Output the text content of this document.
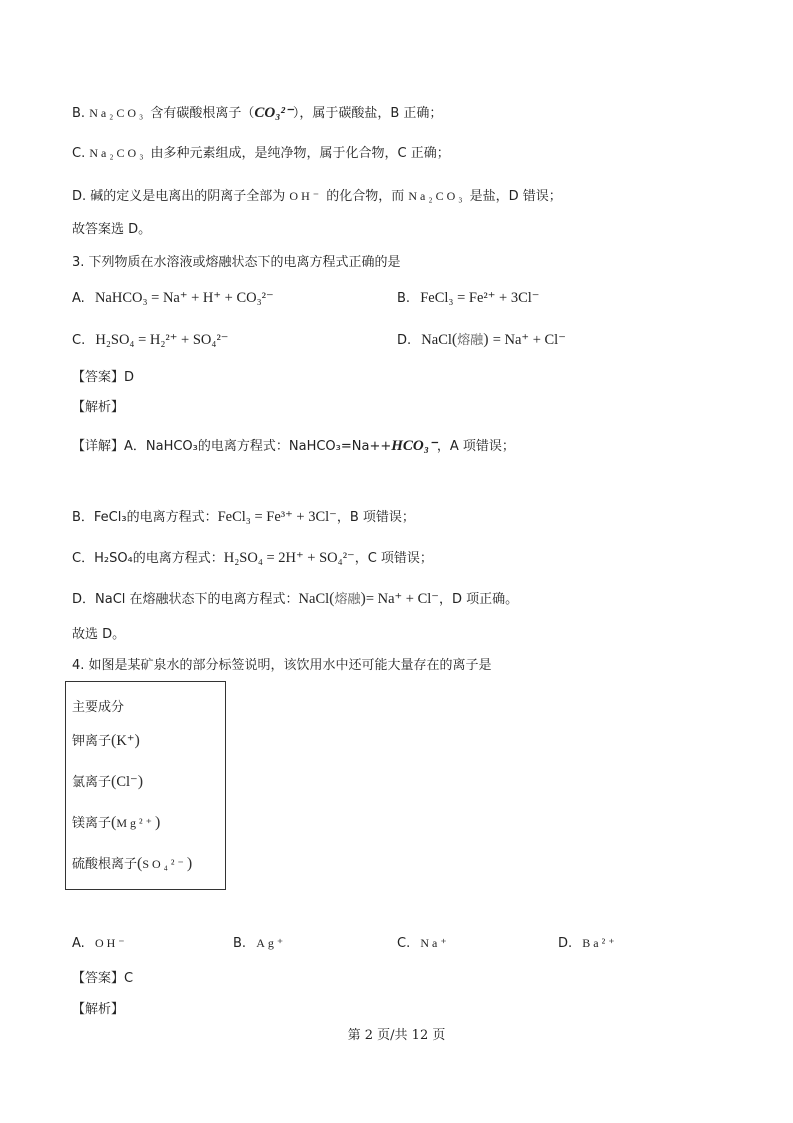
B. Na₂CO₃ 含有碳酸根离子（CO₃²⁻），属于碳酸盐，B 正确；
C. Na₂CO₃ 由多种元素组成，是纯净物，属于化合物，C 正确；
D. 碱的定义是电离出的阴离子全部为 OH⁻ 的化合物，而 Na₂CO₃ 是盐，D 错误；
故答案选 D。
3. 下列物质在水溶液或熔融状态下的电离方程式正确的是
A. NaHCO₃ = Na⁺ + H⁺ + CO₃²⁻	B. FeCl₃ = Fe²⁺ + 3Cl⁻
C. H₂SO₄ = H₂²⁺ + SO₄²⁻	D. NaCl(熔融) = Na⁺ + Cl⁻
【答案】D
【解析】
【详解】A．NaHCO₃的电离方程式：NaHCO₃=Na++HCO₃⁻，A 项错误；
B．FeCl₃的电离方程式：FeCl₃ = Fe³⁺ + 3Cl⁻，B 项错误；
C．H₂SO₄的电离方程式：H₂SO₄ = 2H⁺ + SO₄²⁻，C 项错误；
D．NaCl 在熔融状态下的电离方程式：NaCl(熔融)= Na⁺ + Cl⁻，D 项正确。
故选 D。
4. 如图是某矿泉水的部分标签说明，该饮用水中还可能大量存在的离子是
主要成分
钾离子(K⁺)
氯离子(Cl⁻)
镁离子(Mg²⁺)
硫酸根离子(SO₄²⁻)
A. OH⁻	B. Ag⁺	C. Na⁺	D. Ba²⁺
【答案】C
【解析】
第 2 页/共 12 页
